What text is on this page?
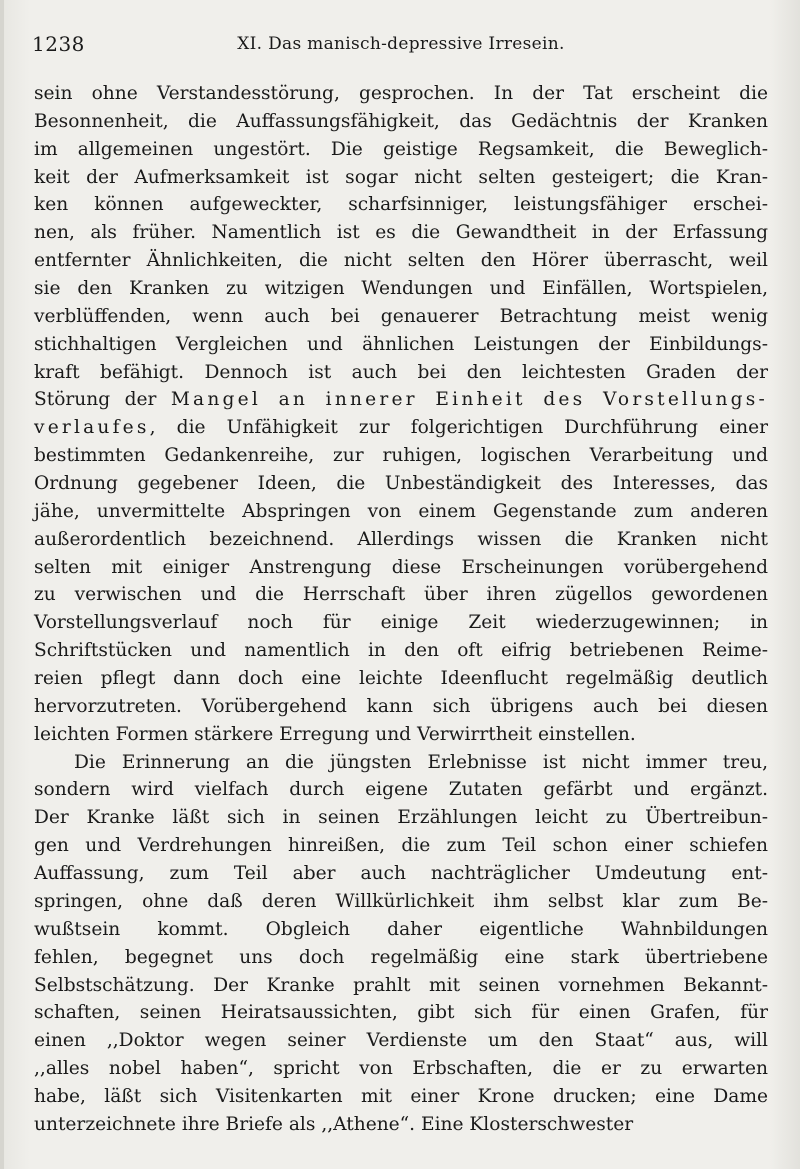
1238	XI. Das manisch-depressive Irresein.
sein ohne Verstandesstörung, gesprochen. In der Tat erscheint die
Besonnenheit, die Auffassungsfähigkeit, das Gedächtnis der Kranken
im allgemeinen ungestört. Die geistige Regsamkeit, die Beweglich-
keit der Aufmerksamkeit ist sogar nicht selten gesteigert; die Kran-
ken können aufgeweckter, scharfsinniger, leistungsfähiger erschei-
nen, als früher. Namentlich ist es die Gewandtheit in der Erfassung
entfernter Ähnlichkeiten, die nicht selten den Hörer überrascht, weil
sie den Kranken zu witzigen Wendungen und Einfällen, Wortspielen,
verblüffenden, wenn auch bei genauerer Betrachtung meist wenig
stichhaltigen Vergleichen und ähnlichen Leistungen der Einbildungs-
kraft befähigt. Dennoch ist auch bei den leichtesten Graden der
Störung der Mangel an innerer Einheit des Vorstellungs-
verlaufes, die Unfähigkeit zur folgerichtigen Durchführung einer
bestimmten Gedankenreihe, zur ruhigen, logischen Verarbeitung und
Ordnung gegebener Ideen, die Unbeständigkeit des Interesses, das
jähe, unvermittelte Abspringen von einem Gegenstande zum anderen
außerordentlich bezeichnend. Allerdings wissen die Kranken nicht
selten mit einiger Anstrengung diese Erscheinungen vorübergehend
zu verwischen und die Herrschaft über ihren zügellos gewordenen
Vorstellungsverlauf noch für einige Zeit wiederzugewinnen; in
Schriftstücken und namentlich in den oft eifrig betriebenen Reime-
reien pflegt dann doch eine leichte Ideenflucht regelmäßig deutlich
hervorzutreten. Vorübergehend kann sich übrigens auch bei diesen
leichten Formen stärkere Erregung und Verwirrtheit einstellen.
Die Erinnerung an die jüngsten Erlebnisse ist nicht immer treu,
sondern wird vielfach durch eigene Zutaten gefärbt und ergänzt.
Der Kranke läßt sich in seinen Erzählungen leicht zu Übertreibun-
gen und Verdrehungen hinreißen, die zum Teil schon einer schiefen
Auffassung, zum Teil aber auch nachträglicher Umdeutung ent-
springen, ohne daß deren Willkürlichkeit ihm selbst klar zum Be-
wußtsein kommt. Obgleich daher eigentliche Wahnbildungen
fehlen, begegnet uns doch regelmäßig eine stark übertriebene
Selbstschätzung. Der Kranke prahlt mit seinen vornehmen Bekannt-
schaften, seinen Heiratsaussichten, gibt sich für einen Grafen, für
einen ,,Doktor wegen seiner Verdienste um den Staat“ aus, will
,,alles nobel haben“, spricht von Erbschaften, die er zu erwarten
habe, läßt sich Visitenkarten mit einer Krone drucken; eine Dame
unterzeichnete ihre Briefe als ,,Athene“. Eine Klosterschwester
